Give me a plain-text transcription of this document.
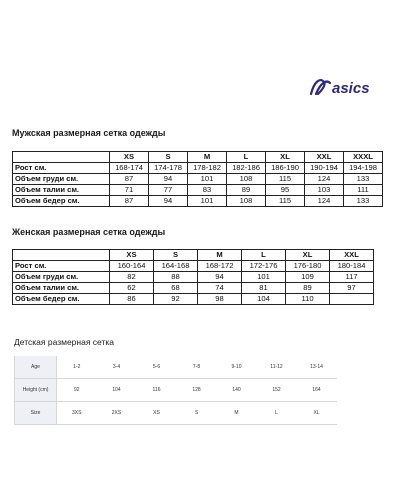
asics
Мужская размерная сетка одежды
	XS	S	M	L	XL	XXL	XXXL
Рост см.	168-174	174-178	178-182	182-186	186-190	190-194	194-198
Объем груди см.	87	94	101	108	115	124	133
Объем талии см.	71	77	83	89	95	103	111
Объем бедер см.	87	94	101	108	115	124	133
Женская размерная сетка одежды
	XS	S	M	L	XL	XXL
Рост см.	160-164	164-168	168-172	172-176	176-180	180-184
Объем груди см.	82	88	94	101	109	117
Объем талии см.	62	68	74	81	89	97
Объем бедер см.	86	92	98	104	110	
Детская размерная сетка
Age	1-2	3-4	5-6	7-8	9-10	11-12	13-14
Height (cm)	92	104	116	128	140	152	164
Size	3XS	2XS	XS	S	M	L	XL
